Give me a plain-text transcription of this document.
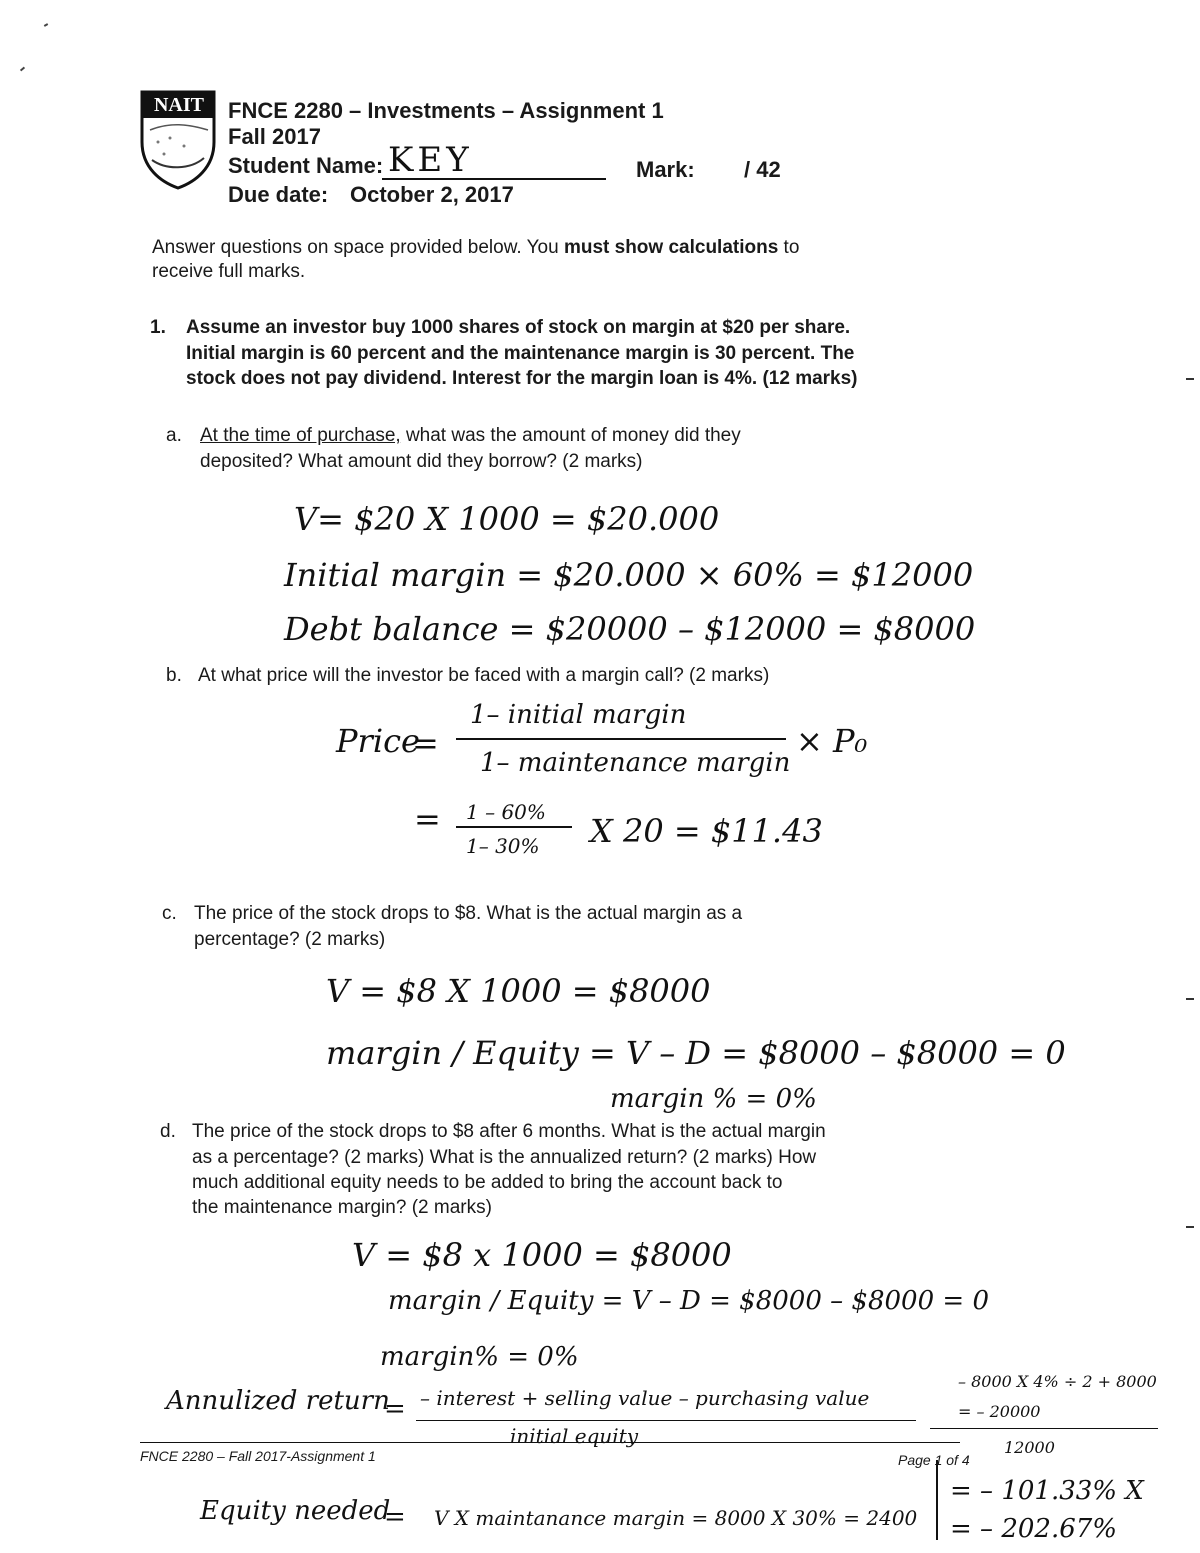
NAIT	FNCE 2280 – Investments – Assignment 1
Fall 2017
Student Name: KEY	Mark: / 42
Due date: October 2, 2017
Answer questions on space provided below. You must show calculations to
receive full marks.
1. Assume an investor buy 1000 shares of stock on margin at $20 per share.
Initial margin is 60 percent and the maintenance margin is 30 percent. The
stock does not pay dividend. Interest for the margin loan is 4%. (12 marks)
a. At the time of purchase, what was the amount of money did they
deposited? What amount did they borrow? (2 marks)
V= $20 X 1000 = $20.000
Initial margin = $20.000 × 60% = $12000
Debt balance = $20000 – $12000 = $8000
b. At what price will the investor be faced with a margin call? (2 marks)
Price
=
1– initial margin
1– maintenance margin
× P₀
= 1 – 60%
1– 30% X 20 = $11.43
c. The price of the stock drops to $8. What is the actual margin as a
percentage? (2 marks)
V = $8 X 1000 = $8000
margin / Equity = V – D = $8000 – $8000 = 0
margin % = 0%
d. The price of the stock drops to $8 after 6 months. What is the actual margin
as a percentage? (2 marks) What is the annualized return? (2 marks) How
much additional equity needs to be added to bring the account back to
the maintenance margin? (2 marks)
V = $8 x 1000 = $8000
margin / Equity = V – D = $8000 – $8000 = 0
margin% = 0%
Annulized return
= – interest + selling value – purchasing value
initial equity
– 8000 X 4% ÷ 2 + 8000
= – 20000
12000
FNCE 2280 – Fall 2017-Assignment 1	Page 1 of 4
Equity needed
= V X maintanance margin = 8000 X 30% = 2400
= – 101.33% X
= – 202.67%
